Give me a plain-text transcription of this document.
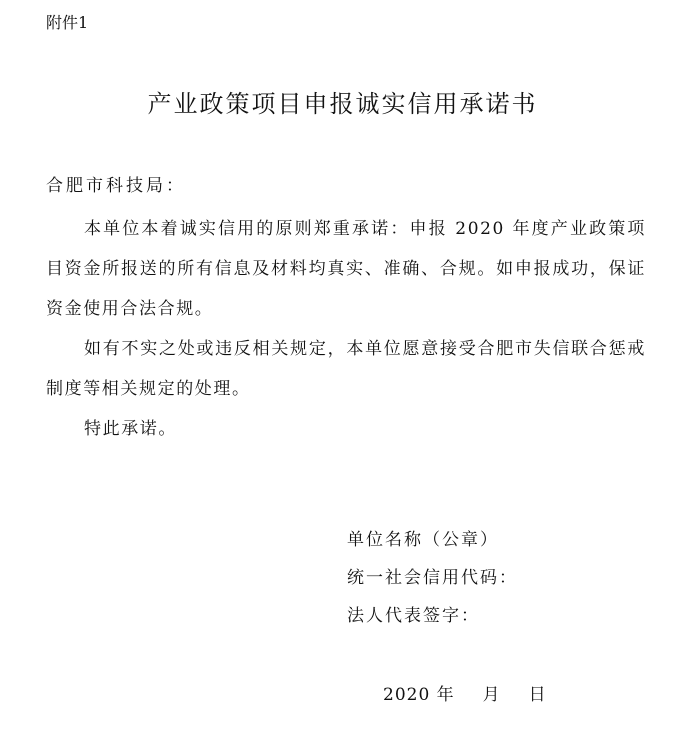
附件1
产业政策项目申报诚实信用承诺书
合肥市科技局：

本单位本着诚实信用的原则郑重承诺：申报 2020 年度产业政策项目资金所报送的所有信息及材料均真实、准确、合规。如申报成功，保证资金使用合法合规。

如有不实之处或违反相关规定，本单位愿意接受合肥市失信联合惩戒制度等相关规定的处理。

特此承诺。

单位名称（公章）
统一社会信用代码：
法人代表签字：
2020 年 月 日
